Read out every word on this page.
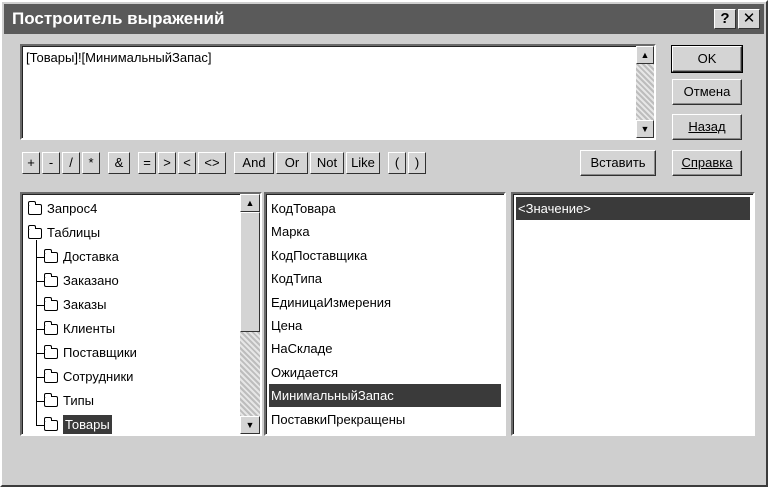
Построитель выражений	? ✕
[Товары]![МинимальныйЗапас]	▲
▼
OK
Отмена
Назад
+	-	/	*	&	= > <	<>	And	Or	Not	Like	(	)	Вставить	Справка
Запрос4
Таблицы
Доставка
Заказано
Заказы
Клиенты
Поставщики
Сотрудники
Типы
Товары
▲
▼
КодТовара
Марка
КодПоставщика
КодТипа
ЕдиницаИзмерения
Цена
НаСкладе
Ожидается
МинимальныйЗапас
ПоставкиПрекращены
<Значение>
